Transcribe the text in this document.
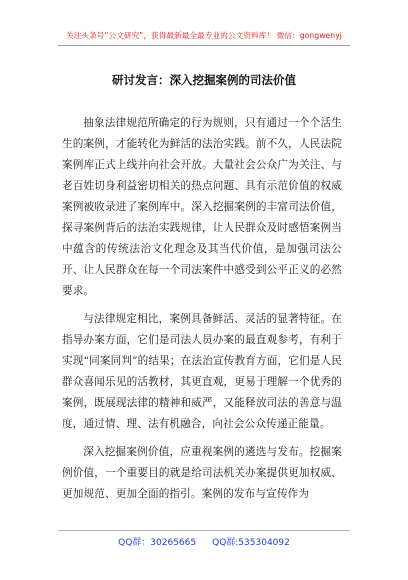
关注头条号“公文研究”，获得最新最全最专业的公文资料库！ 微信：gongwenyj
研讨发言：深入挖掘案例的司法价值

抽象法律规范所确定的行为规则，只有通过一个个活生生的案例，才能转化为鲜活的法治实践。前不久，人民法院案例库正式上线并向社会开放。大量社会公众广为关注、与老百姓切身利益密切相关的热点问题、具有示范价值的权威案例被收录进了案例库中。深入挖掘案例的丰富司法价值，探寻案例背后的法治实践规律，让人民群众及时感悟案例当中蕴含的传统法治文化理念及其当代价值，是加强司法公开、让人民群众在每一个司法案件中感受到公平正义的必然要求。

与法律规定相比，案例具备鲜活、灵活的显著特征。在指导办案方面，它们是司法人员办案的最直观参考，有利于实现“同案同判”的结果；在法治宣传教育方面，它们是人民群众喜闻乐见的活教材，其更直观，更易于理解一个优秀的案例，既展现法律的精神和威严，又能释放司法的善意与温度，通过情、理、法有机融合，向社会公众传递正能量。

深入挖掘案例价值，应重视案例的遴选与发布。挖掘案例价值，一个重要目的就是给司法机关办案提供更加权威、更加规范、更加全面的指引。案例的发布与宣传作为

QQ群：30265665 QQ群:535304092
